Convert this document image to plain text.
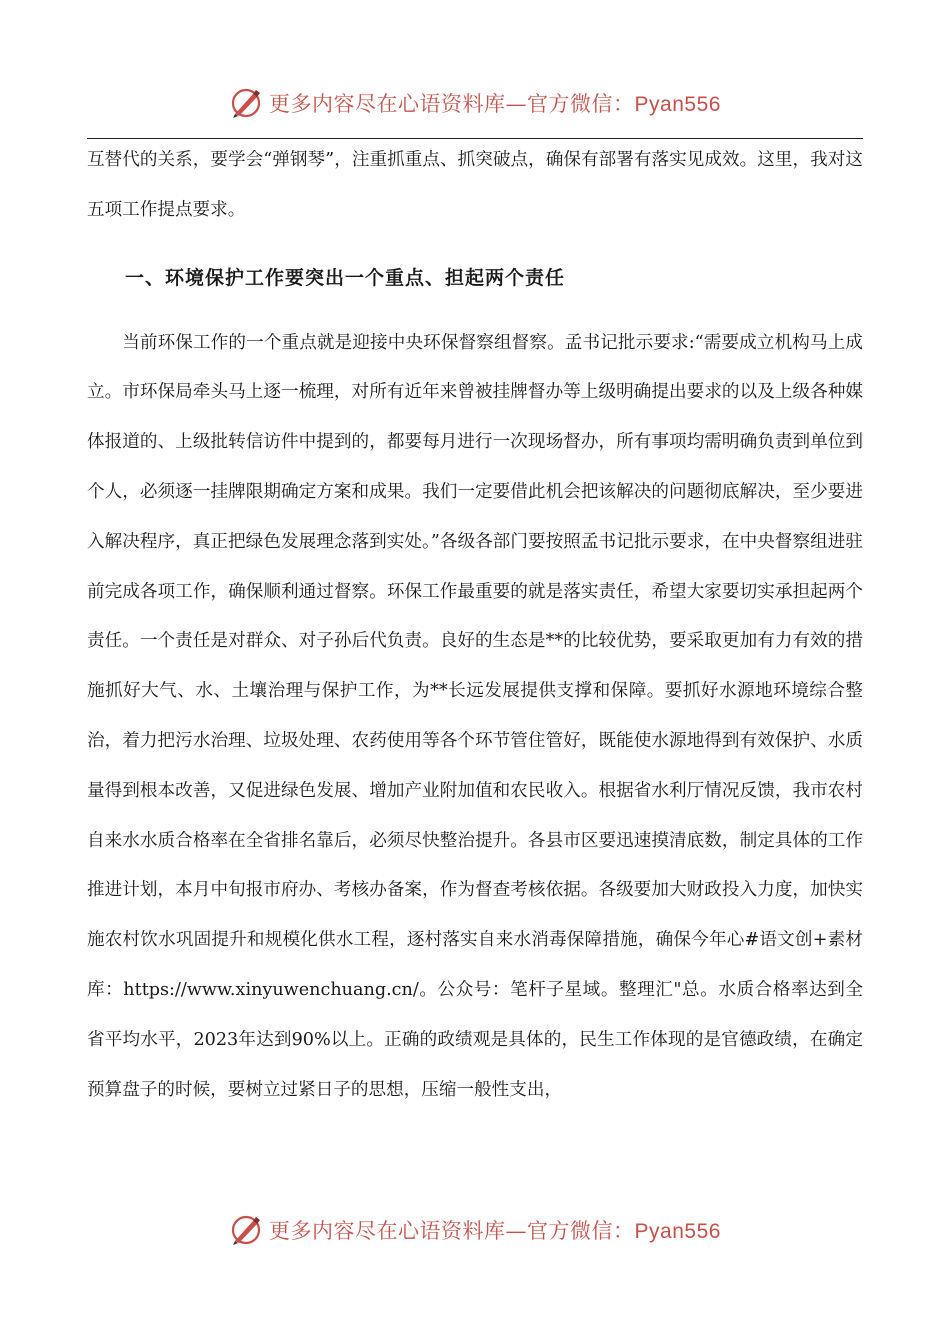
更多内容尽在心语资料库—官方微信：Pyan556

互替代的关系，要学会“弹钢琴”，注重抓重点、抓突破点，确保有部署有落实见成效。这里，我对这五项工作提点要求。

一、环境保护工作要突出一个重点、担起两个责任

当前环保工作的一个重点就是迎接中央环保督察组督察。孟书记批示要求:“需要成立机构马上成立。市环保局牵头马上逐一梳理，对所有近年来曾被挂牌督办等上级明确提出要求的以及上级各种媒体报道的、上级批转信访件中提到的，都要每月进行一次现场督办，所有事项均需明确负责到单位到个人，必须逐一挂牌限期确定方案和成果。我们一定要借此机会把该解决的问题彻底解决，至少要进入解决程序，真正把绿色发展理念落到实处。”各级各部门要按照孟书记批示要求，在中央督察组进驻前完成各项工作，确保顺利通过督察。环保工作最重要的就是落实责任，希望大家要切实承担起两个责任。一个责任是对群众、对子孙后代负责。良好的生态是**的比较优势，要采取更加有力有效的措施抓好大气、水、土壤治理与保护工作，为**长远发展提供支撑和保障。要抓好水源地环境综合整治，着力把污水治理、垃圾处理、农药使用等各个环节管住管好，既能使水源地得到有效保护、水质量得到根本改善，又促进绿色发展、增加产业附加值和农民收入。根据省水利厅情况反馈，我市农村自来水水质合格率在全省排名靠后，必须尽快整治提升。各县市区要迅速摸清底数，制定具体的工作推进计划，本月中旬报市府办、考核办备案，作为督查考核依据。各级要加大财政投入力度，加快实施农村饮水巩固提升和规模化供水工程，逐村落实自来水消毒保障措施，确保今年心#语文创+素材库：https://www.xinyuwenchuang.cn/。公众号：笔杆子星域。整理汇"总。水质合格率达到全省平均水平，2023年达到90%以上。正确的政绩观是具体的，民生工作体现的是官德政绩，在确定预算盘子的时候，要树立过紧日子的思想，压缩一般性支出，

更多内容尽在心语资料库—官方微信：Pyan556
